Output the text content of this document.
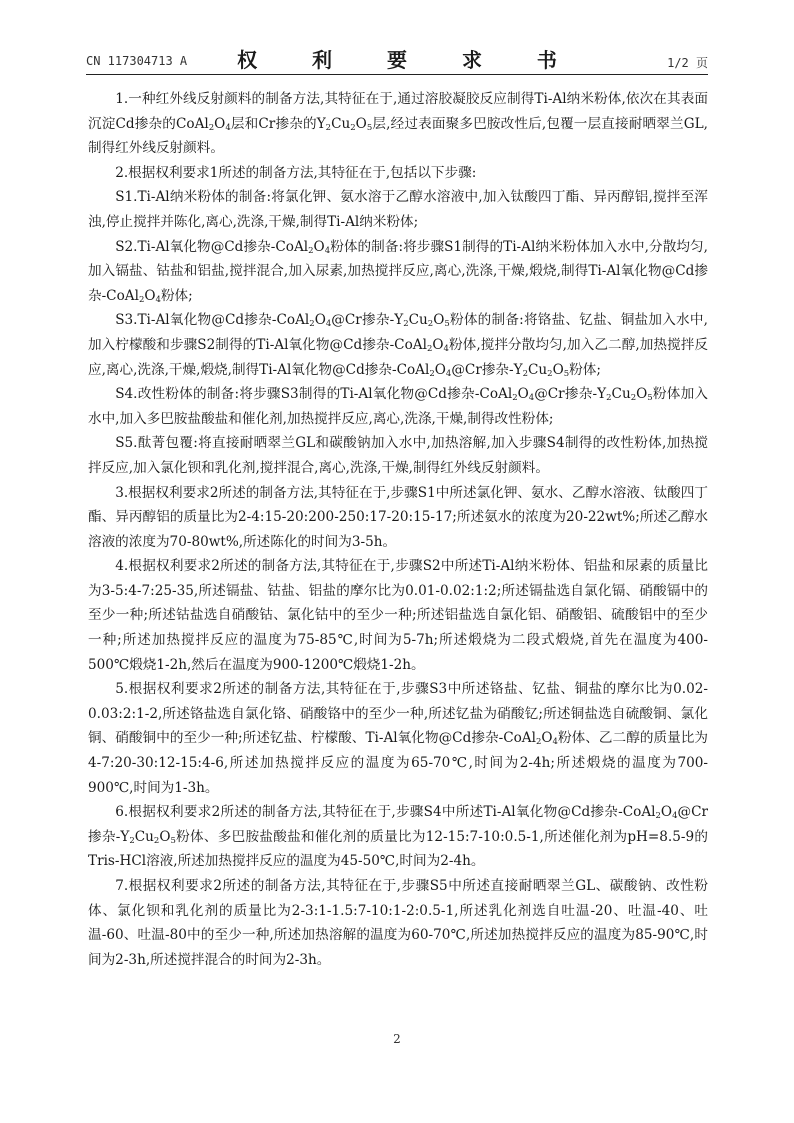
CN 117304713 A	权 利 要 求 书	1/2 页

1.一种红外线反射颜料的制备方法,其特征在于,通过溶胶凝胶反应制得Ti-Al纳米粉体,依次在其表面沉淀Cd掺杂的$CoAl_2O_4$层和Cr掺杂的$Y_2Cu_2O_5$层,经过表面聚多巴胺改性后,包覆一层直接耐晒翠兰GL,制得红外线反射颜料。

2.根据权利要求1所述的制备方法,其特征在于,包括以下步骤:

S1.Ti-Al纳米粉体的制备:将氯化钾、氨水溶于乙醇水溶液中,加入钛酸四丁酯、异丙醇铝,搅拌至浑浊,停止搅拌并陈化,离心,洗涤,干燥,制得Ti-Al纳米粉体;

S2.Ti-Al氧化物@Cd掺杂$-CoAl_2O_4$粉体的制备:将步骤S1制得的Ti-Al纳米粉体加入水中,分散均匀,加入镉盐、钴盐和铝盐,搅拌混合,加入尿素,加热搅拌反应,离心,洗涤,干燥,煅烧,制得Ti-Al氧化物@Cd掺杂$-CoAl_2O_4$粉体;

S3.Ti-Al氧化物@Cd掺杂$-CoAl_2O_4@Cr$掺杂$-Y_2Cu_2O_5$粉体的制备:将铬盐、钇盐、铜盐加入水中,加入柠檬酸和步骤S2制得的Ti-Al氧化物@Cd掺杂$-CoAl_2O_4$粉体,搅拌分散均匀,加入乙二醇,加热搅拌反应,离心,洗涤,干燥,煅烧,制得Ti-Al氧化物@Cd掺杂$-CoAl_2O_4@Cr$掺杂$-Y_2Cu_2O_5$粉体;

S4.改性粉体的制备:将步骤S3制得的Ti-Al氧化物@Cd掺杂$-CoAl_2O_4@Cr$掺杂$-Y_2Cu_2O_5$粉体加入水中,加入多巴胺盐酸盐和催化剂,加热搅拌反应,离心,洗涤,干燥,制得改性粉体;

S5.酞菁包覆:将直接耐晒翠兰GL和碳酸钠加入水中,加热溶解,加入步骤S4制得的改性粉体,加热搅拌反应,加入氯化钡和乳化剂,搅拌混合,离心,洗涤,干燥,制得红外线反射颜料。

3.根据权利要求2所述的制备方法,其特征在于,步骤S1中所述氯化钾、氨水、乙醇水溶液、钛酸四丁酯、异丙醇铝的质量比为2-4:15-20:200-250:17-20:15-17;所述氨水的浓度为20-22wt%;所述乙醇水溶液的浓度为70-80wt%,所述陈化的时间为3-5h。

4.根据权利要求2所述的制备方法,其特征在于,步骤S2中所述Ti-Al纳米粉体、铝盐和尿素的质量比为3-5:4-7:25-35,所述镉盐、钴盐、铝盐的摩尔比为0.01-0.02:1:2;所述镉盐选自氯化镉、硝酸镉中的至少一种;所述钴盐选自硝酸钴、氯化钴中的至少一种;所述铝盐选自氯化铝、硝酸铝、硫酸铝中的至少一种;所述加热搅拌反应的温度为75-85℃,时间为5-7h;所述煅烧为二段式煅烧,首先在温度为400-500℃煅烧1-2h,然后在温度为900-1200℃煅烧1-2h。

5.根据权利要求2所述的制备方法,其特征在于,步骤S3中所述铬盐、钇盐、铜盐的摩尔比为0.02-0.03:2:1-2,所述铬盐选自氯化铬、硝酸铬中的至少一种,所述钇盐为硝酸钇;所述铜盐选自硫酸铜、氯化铜、硝酸铜中的至少一种;所述钇盐、柠檬酸、Ti-Al氧化物@Cd掺杂$-CoAl_2O_4$粉体、乙二醇的质量比为4-7:20-30:12-15:4-6,所述加热搅拌反应的温度为65-70℃,时间为2-4h;所述煅烧的温度为700-900℃,时间为1-3h。

6.根据权利要求2所述的制备方法,其特征在于,步骤S4中所述Ti-Al氧化物@Cd掺杂$-CoAl_2O_4@Cr$掺杂$-Y_2Cu_2O_5$粉体、多巴胺盐酸盐和催化剂的质量比为12-15:7-10:0.5-1,所述催化剂为pH=8.5-9的Tris-HCl溶液,所述加热搅拌反应的温度为45-50℃,时间为2-4h。

7.根据权利要求2所述的制备方法,其特征在于,步骤S5中所述直接耐晒翠兰GL、碳酸钠、改性粉体、氯化钡和乳化剂的质量比为2-3:1-1.5:7-10:1-2:0.5-1,所述乳化剂选自吐温-20、吐温-40、吐温-60、吐温-80中的至少一种,所述加热溶解的温度为60-70℃,所述加热搅拌反应的温度为85-90℃,时间为2-3h,所述搅拌混合的时间为2-3h。

2
